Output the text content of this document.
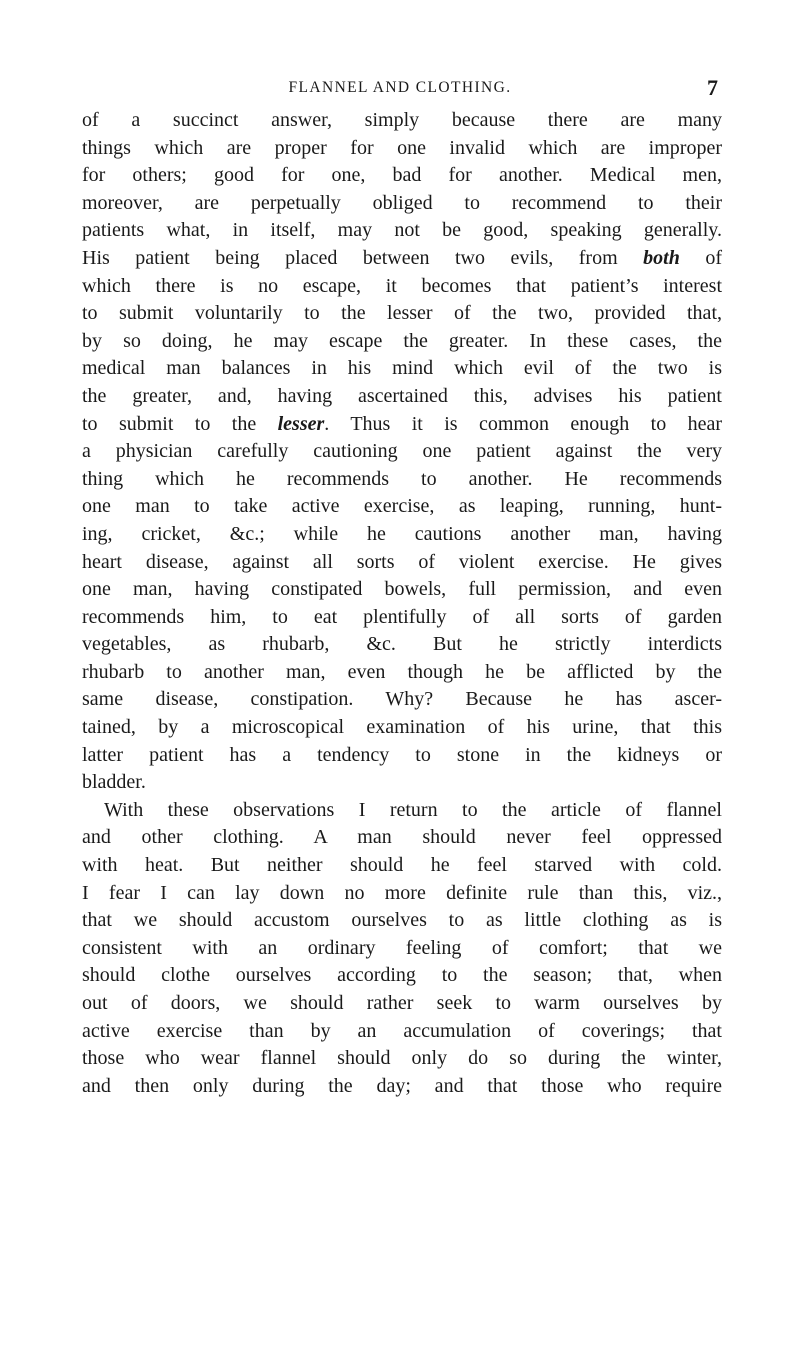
FLANNEL AND CLOTHING.	7
of a succinct answer, simply because there are many
things which are proper for one invalid which are improper
for others; good for one, bad for another. Medical men,
moreover, are perpetually obliged to recommend to their
patients what, in itself, may not be good, speaking generally.
His patient being placed between two evils, from both of
which there is no escape, it becomes that patient’s interest
to submit voluntarily to the lesser of the two, provided that,
by so doing, he may escape the greater. In these cases, the
medical man balances in his mind which evil of the two is
the greater, and, having ascertained this, advises his patient
to submit to the lesser. Thus it is common enough to hear
a physician carefully cautioning one patient against the very
thing which he recommends to another. He recommends
one man to take active exercise, as leaping, running, hunt-
ing, cricket, &c.; while he cautions another man, having
heart disease, against all sorts of violent exercise. He gives
one man, having constipated bowels, full permission, and even
recommends him, to eat plentifully of all sorts of garden
vegetables, as rhubarb, &c. But he strictly interdicts
rhubarb to another man, even though he be afflicted by the
same disease, constipation. Why? Because he has ascer-
tained, by a microscopical examination of his urine, that this
latter patient has a tendency to stone in the kidneys or
bladder.
With these observations I return to the article of flannel
and other clothing. A man should never feel oppressed
with heat. But neither should he feel starved with cold.
I fear I can lay down no more definite rule than this, viz.,
that we should accustom ourselves to as little clothing as is
consistent with an ordinary feeling of comfort; that we
should clothe ourselves according to the season; that, when
out of doors, we should rather seek to warm ourselves by
active exercise than by an accumulation of coverings; that
those who wear flannel should only do so during the winter,
and then only during the day; and that those who require
